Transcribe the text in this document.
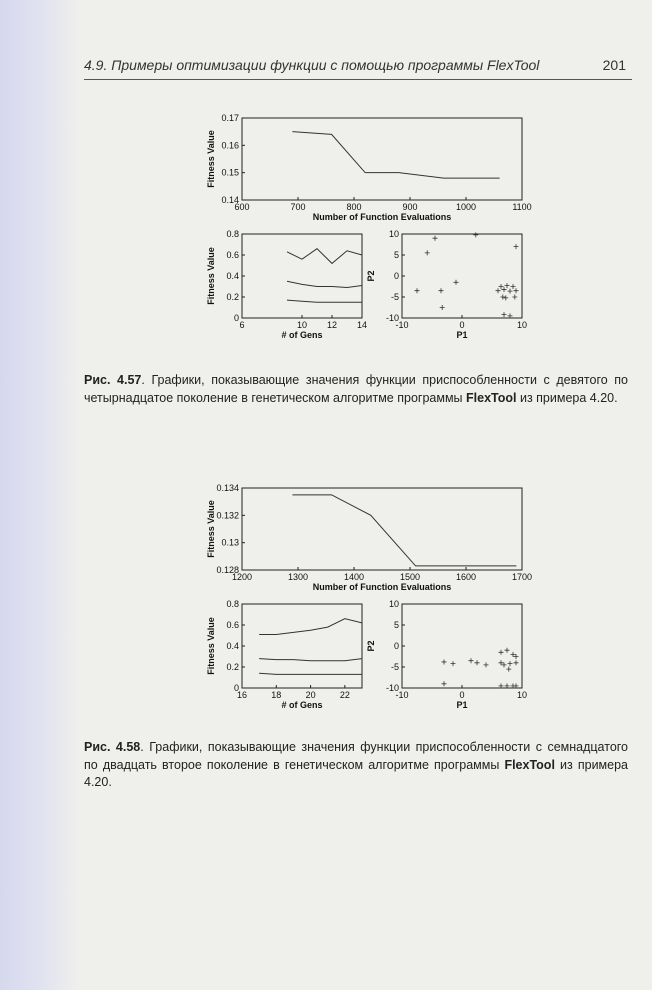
4.9. Примеры оптимизации функции с помощью программы FlexTool	201
600	700	800	900	1000	1100
0.14
0.15
0.16
0.17
Number of Function Evaluations
Fitness Value
6	10 12 14
0
0.2
0.4
0.6
0.8
# of Gens
Fitness Value
-10	0	10
-10
-5
0
5
10
P1
P2
Рис. 4.57. Графики, показывающие значения функции приспособленности с девятого по четырнадцатое поколение в генетическом алгоритме программы FlexTool из примера 4.20.
1200	1300	1400	1500	1600	1700
0.128
0.13
0.132
0.134
Number of Function Evaluations
Fitness Value
16	18	20	22
0
0.2
0.4
0.6
0.8
# of Gens
Fitness Value
-10	0	10
-10
-5
0
5
10
P1
P2
Рис. 4.58. Графики, показывающие значения функции приспособленности с семнадцатого по двадцать второе поколение в генетическом алгоритме программы FlexTool из примера 4.20.
